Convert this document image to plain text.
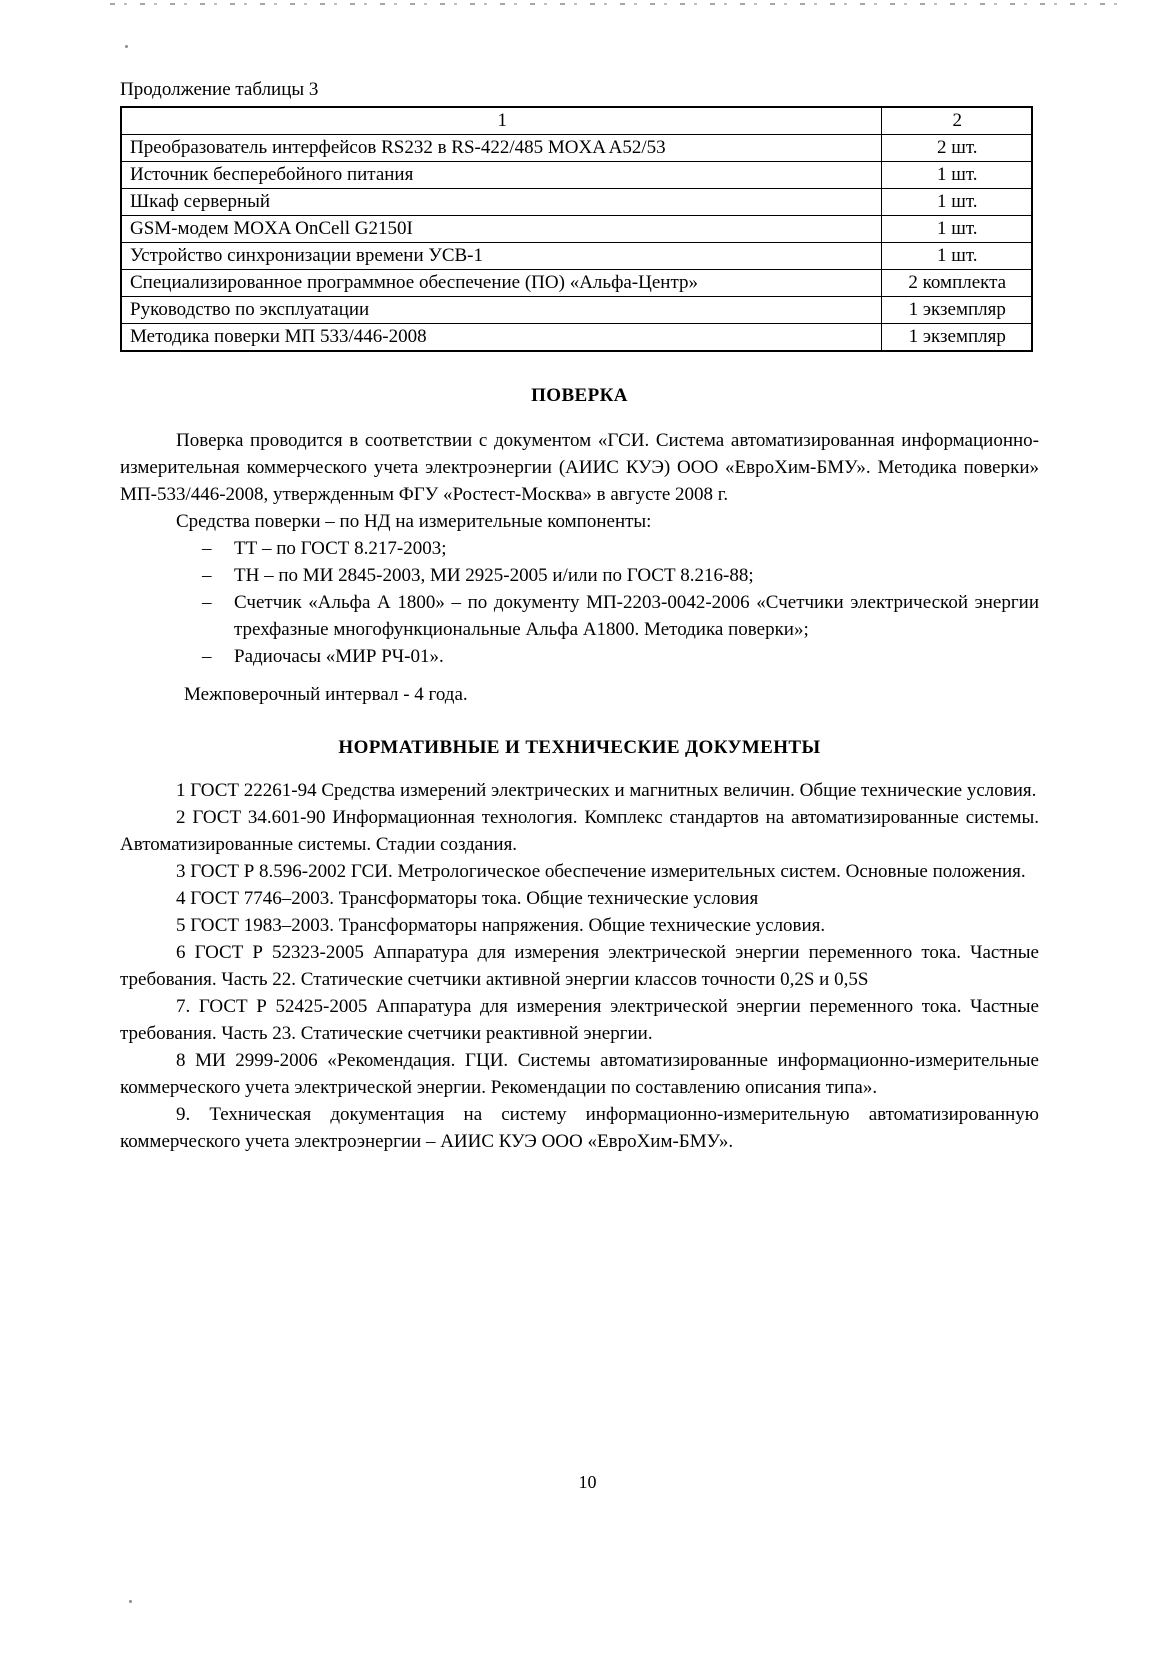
Продолжение таблицы 3
1	2
Преобразователь интерфейсов RS232 в RS-422/485 MOXA A52/53	2 шт.
Источник бесперебойного питания	1 шт.
Шкаф серверный	1 шт.
GSM-модем MOXA OnCell G2150I	1 шт.
Устройство синхронизации времени УСВ-1	1 шт.
Специализированное программное обеспечение (ПО) «Альфа-Центр»	2 комплекта
Руководство по эксплуатации	1 экземпляр
Методика поверки МП 533/446-2008	1 экземпляр
ПОВЕРКА

Поверка проводится в соответствии с документом «ГСИ. Система автоматизированная информационно-измерительная коммерческого учета электроэнергии (АИИС КУЭ) ООО «ЕвроХим-БМУ». Методика поверки» МП-533/446-2008, утвержденным ФГУ «Ростест-Москва» в августе 2008 г.

Средства поверки – по НД на измерительные компоненты:

–	ТТ – по ГОСТ 8.217-2003;
–	ТН – по МИ 2845-2003, МИ 2925-2005 и/или по ГОСТ 8.216-88;
–	Счетчик «Альфа А 1800» – по документу МП-2203-0042-2006 «Счетчики электрической энергии трехфазные многофункциональные Альфа А1800. Методика поверки»;
–	Радиочасы «МИР РЧ-01».

Межповерочный интервал - 4 года.

НОРМАТИВНЫЕ И ТЕХНИЧЕСКИЕ ДОКУМЕНТЫ

1 ГОСТ 22261-94 Средства измерений электрических и магнитных величин. Общие технические условия.

2 ГОСТ 34.601-90 Информационная технология. Комплекс стандартов на автоматизированные системы. Автоматизированные системы. Стадии создания.

3 ГОСТ Р 8.596-2002 ГСИ. Метрологическое обеспечение измерительных систем. Основные положения.

4 ГОСТ 7746–2003. Трансформаторы тока. Общие технические условия

5 ГОСТ 1983–2003. Трансформаторы напряжения. Общие технические условия.

6 ГОСТ Р 52323-2005 Аппаратура для измерения электрической энергии переменного тока. Частные требования. Часть 22. Статические счетчики активной энергии классов точности 0,2S и 0,5S

7. ГОСТ Р 52425-2005 Аппаратура для измерения электрической энергии переменного тока. Частные требования. Часть 23. Статические счетчики реактивной энергии.

8 МИ 2999-2006 «Рекомендация. ГЦИ. Системы автоматизированные информационно-измерительные коммерческого учета электрической энергии. Рекомендации по составлению описания типа».

9. Техническая документация на систему информационно-измерительную автоматизированную коммерческого учета электроэнергии – АИИС КУЭ ООО «ЕвроХим-БМУ».

10
